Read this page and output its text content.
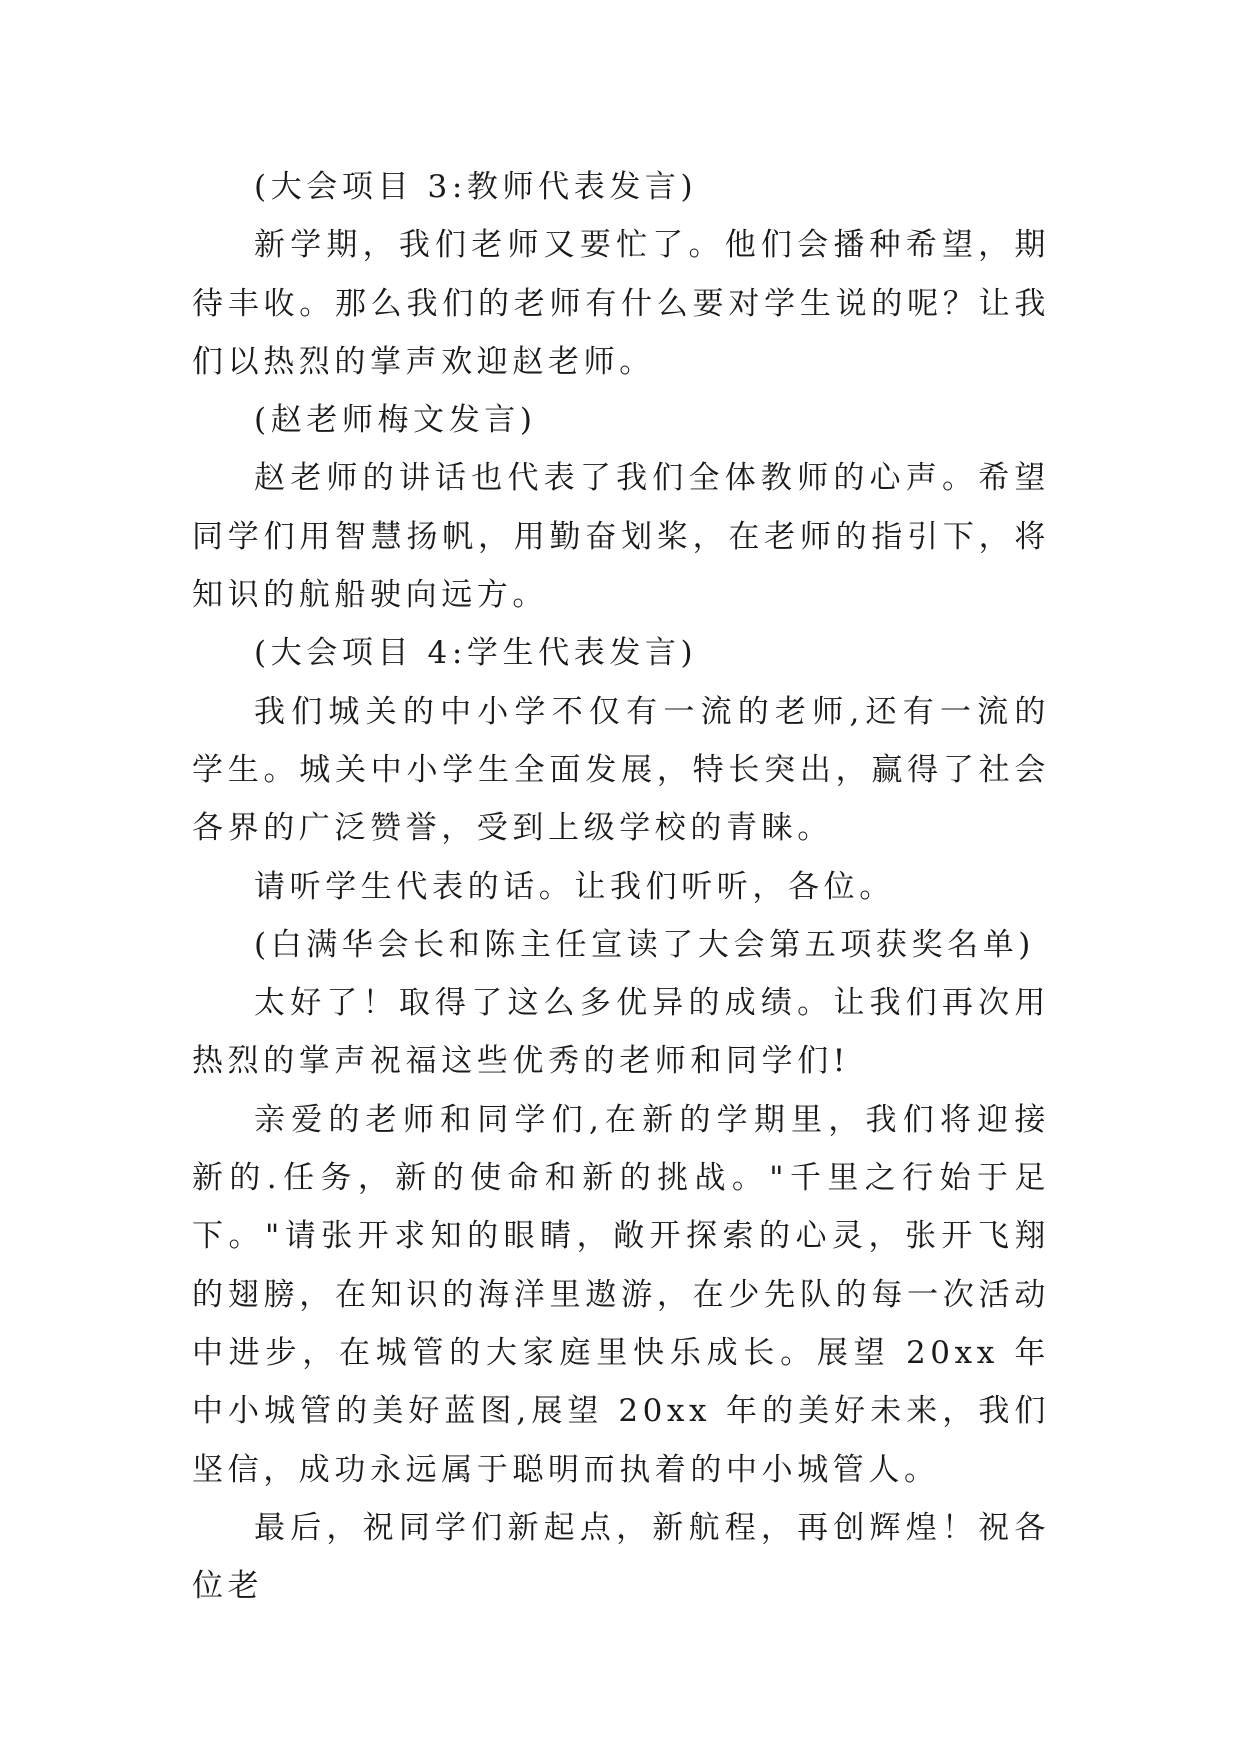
(大会项目 3:教师代表发言)

新学期，我们老师又要忙了。他们会播种希望，期待丰收。那么我们的老师有什么要对学生说的呢？让我们以热烈的掌声欢迎赵老师。

(赵老师梅文发言)

赵老师的讲话也代表了我们全体教师的心声。希望同学们用智慧扬帆，用勤奋划桨，在老师的指引下，将知识的航船驶向远方。

(大会项目 4:学生代表发言)

我们城关的中小学不仅有一流的老师,还有一流的学生。城关中小学生全面发展，特长突出，赢得了社会各界的广泛赞誉，受到上级学校的青睐。

请听学生代表的话。让我们听听，各位。

(白满华会长和陈主任宣读了大会第五项获奖名单)

太好了！取得了这么多优异的成绩。让我们再次用热烈的掌声祝福这些优秀的老师和同学们!

亲爱的老师和同学们,在新的学期里，我们将迎接新的.任务，新的使命和新的挑战。"千里之行始于足下。"请张开求知的眼睛，敞开探索的心灵，张开飞翔的翅膀，在知识的海洋里遨游，在少先队的每一次活动中进步，在城管的大家庭里快乐成长。展望 20xx 年中小城管的美好蓝图,展望 20xx 年的美好未来，我们坚信，成功永远属于聪明而执着的中小城管人。

最后，祝同学们新起点，新航程，再创辉煌！祝各位老
